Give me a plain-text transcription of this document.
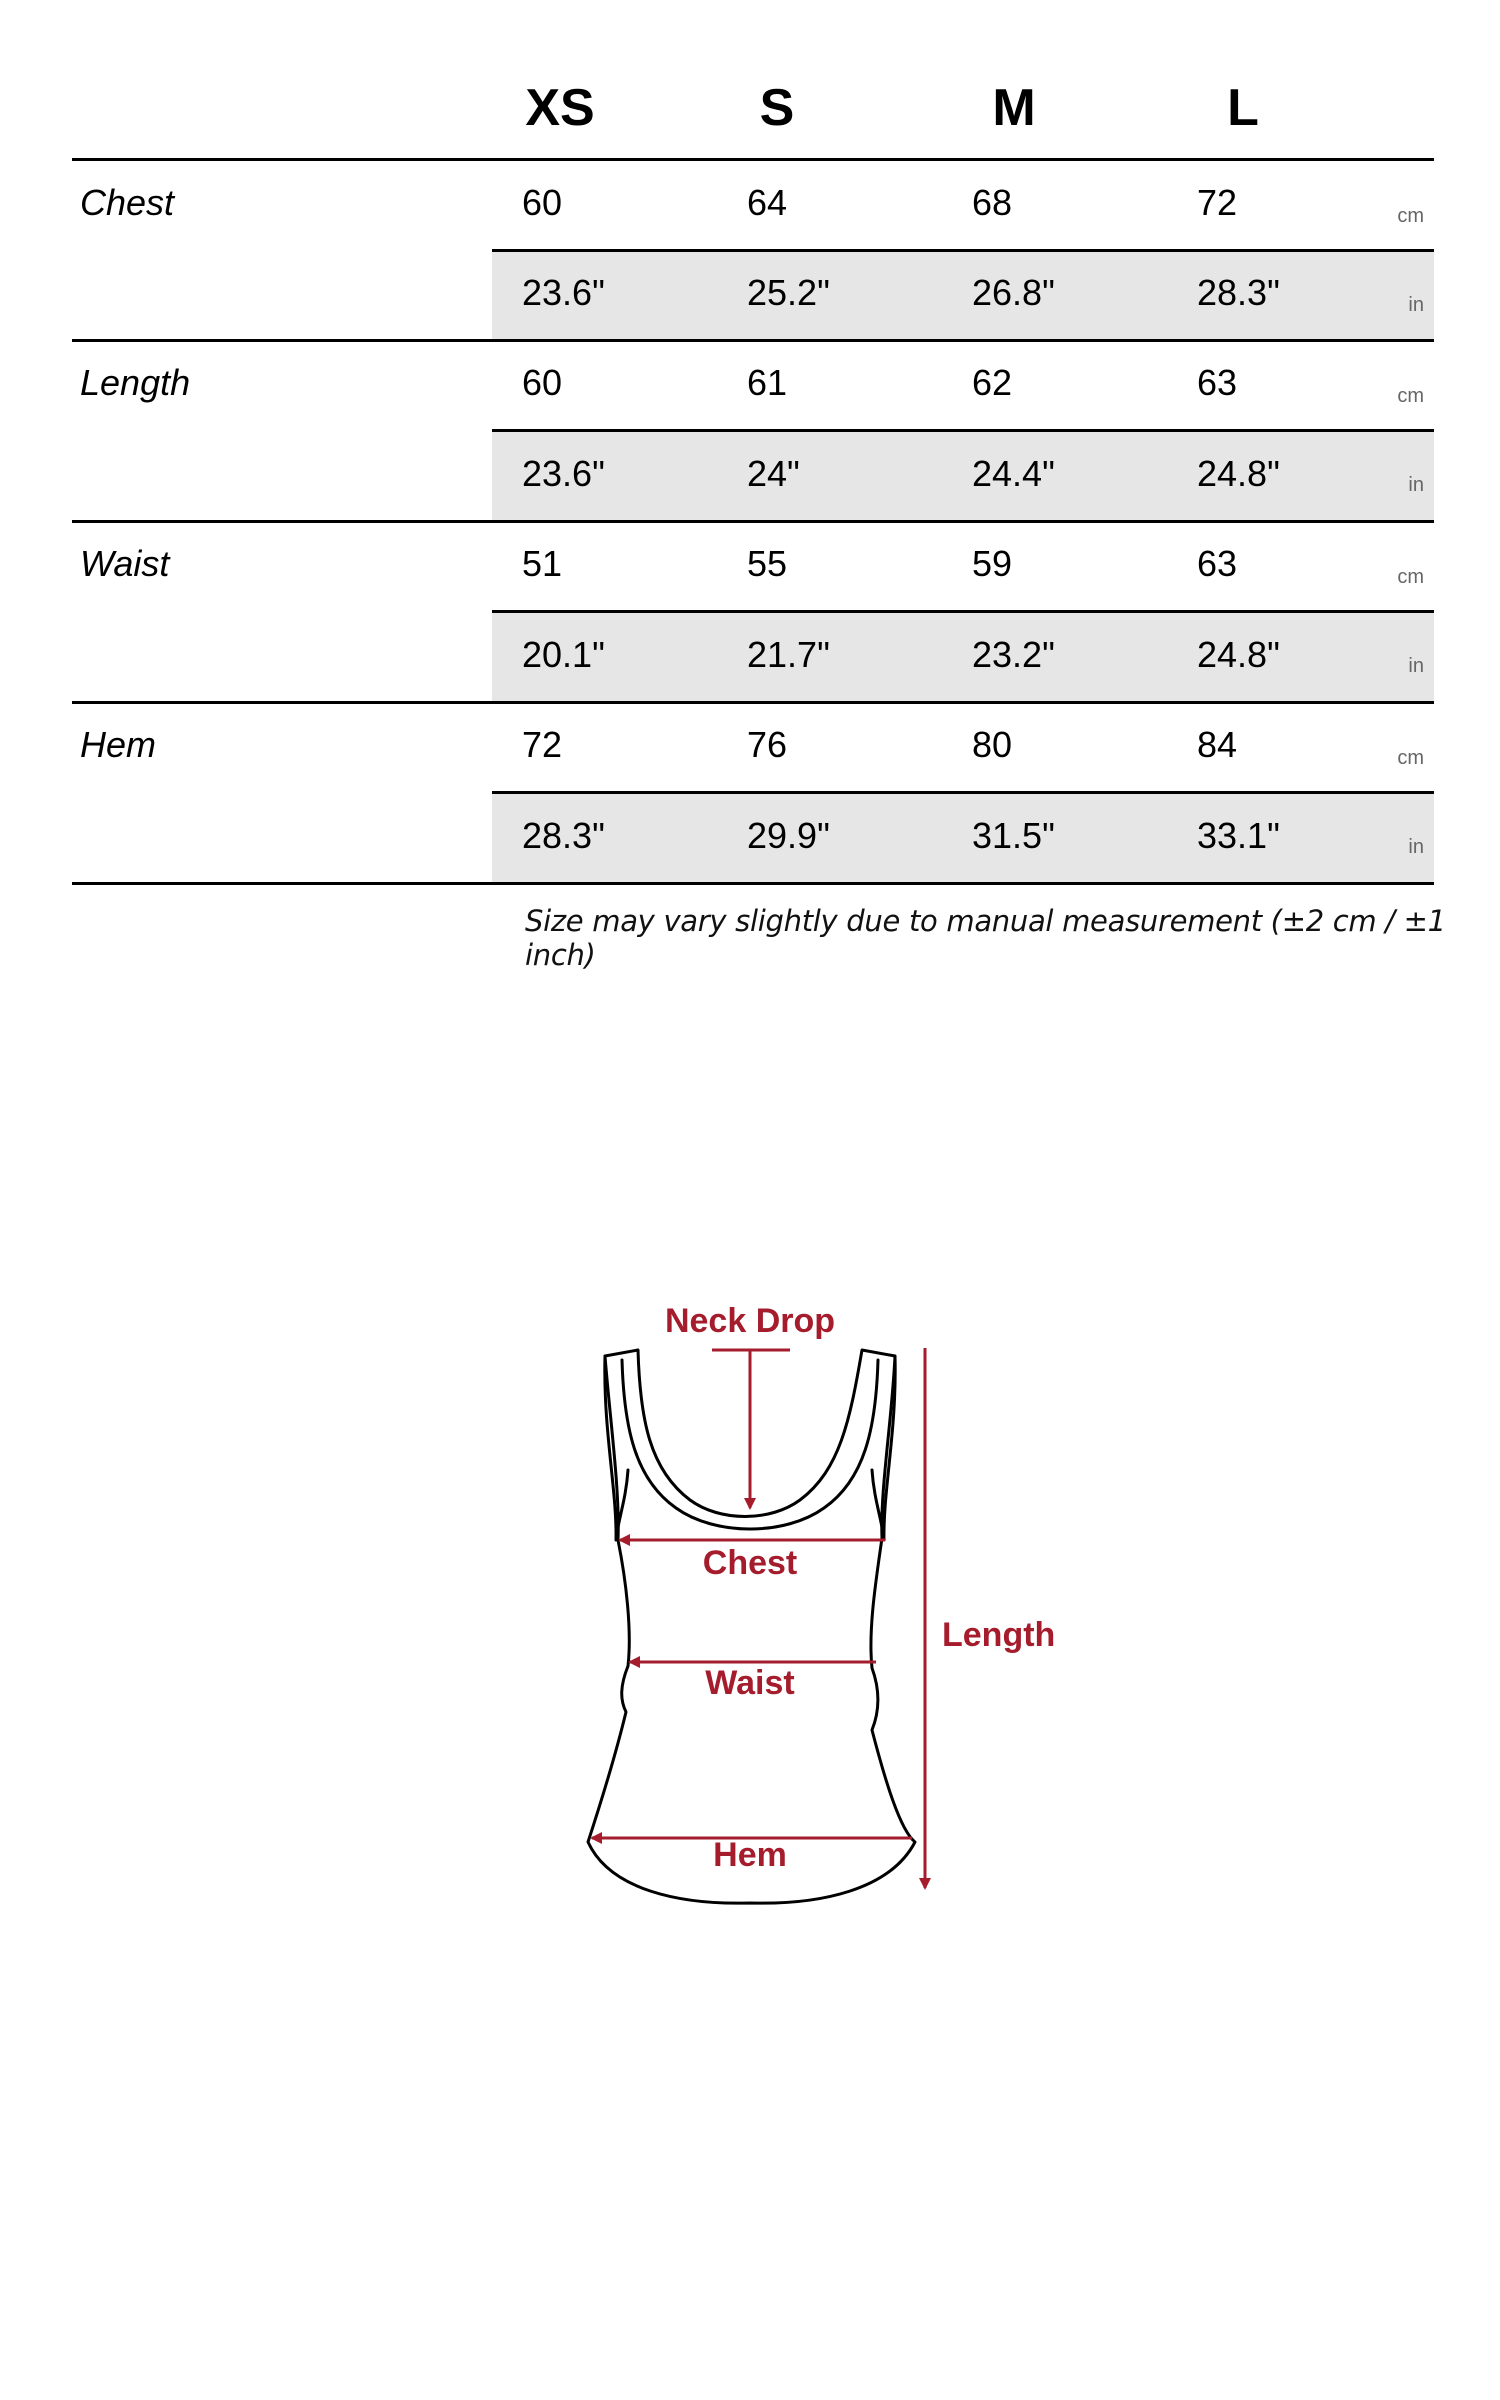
XS	S	M	L
Chest	60	64	68	72	cm
23.6"	25.2"	26.8"	28.3"	in
Length	60	61	62	63	cm
23.6"	24"	24.4"	24.8"	in
Waist	51	55	59	63	cm
20.1"	21.7"	23.2"	24.8"	in
Hem	72	76	80	84	cm
28.3"	29.9"	31.5"	33.1"	in
Size may vary slightly due to manual measurement (±2 cm / ±1 inch)
Neck Drop
Chest
Waist
Hem
Length
